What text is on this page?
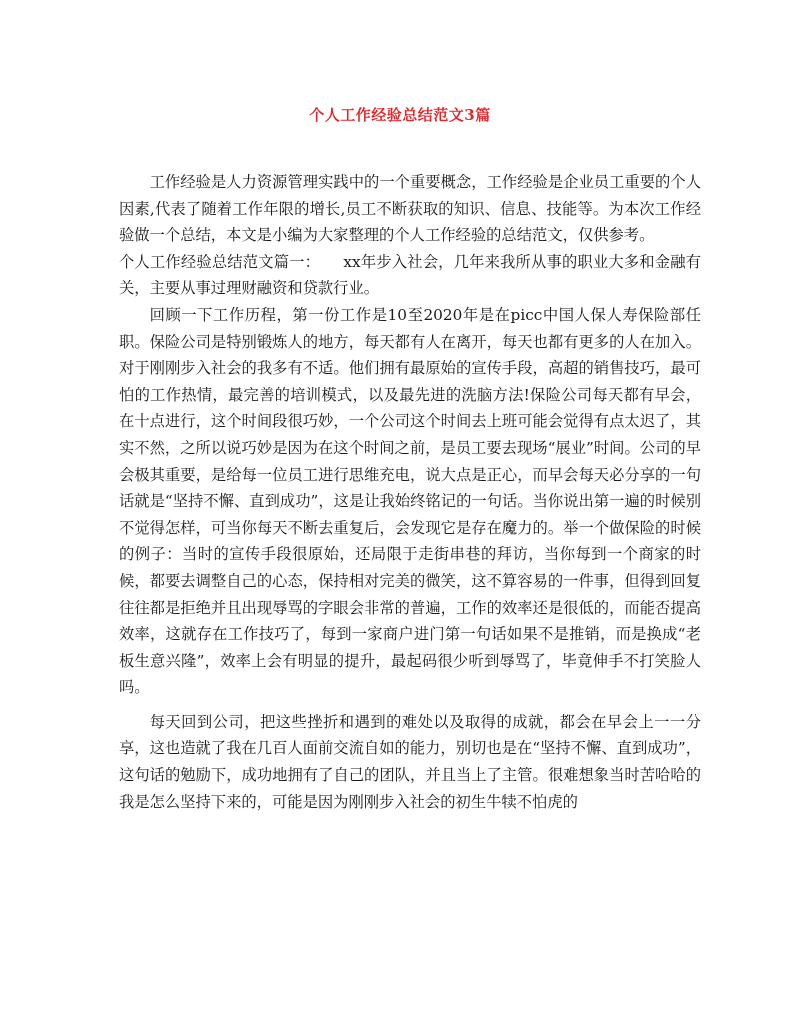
个人工作经验总结范文3篇

工作经验是人力资源管理实践中的一个重要概念，工作经验是企业员工重要的个人因素,代表了随着工作年限的增长,员工不断获取的知识、信息、技能等。为本次工作经验做一个总结，本文是小编为大家整理的个人工作经验的总结范文，仅供参考。

个人工作经验总结范文篇一：　　xx年步入社会，几年来我所从事的职业大多和金融有关，主要从事过理财融资和贷款行业。

回顾一下工作历程，第一份工作是10至2020年是在picc中国人保人寿保险部任职。保险公司是特别锻炼人的地方，每天都有人在离开，每天也都有更多的人在加入。对于刚刚步入社会的我多有不适。他们拥有最原始的宣传手段，高超的销售技巧，最可怕的工作热情，最完善的培训模式，以及最先进的洗脑方法!保险公司每天都有早会，在十点进行，这个时间段很巧妙，一个公司这个时间去上班可能会觉得有点太迟了，其实不然，之所以说巧妙是因为在这个时间之前，是员工要去现场“展业”时间。公司的早会极其重要，是给每一位员工进行思维充电，说大点是正心，而早会每天必分享的一句话就是“坚持不懈、直到成功”，这是让我始终铭记的一句话。当你说出第一遍的时候别不觉得怎样，可当你每天不断去重复后，会发现它是存在魔力的。举一个做保险的时候的例子：当时的宣传手段很原始，还局限于走街串巷的拜访，当你每到一个商家的时候，都要去调整自己的心态，保持相对完美的微笑，这不算容易的一件事，但得到回复往往都是拒绝并且出现辱骂的字眼会非常的普遍，工作的效率还是很低的，而能否提高效率，这就存在工作技巧了，每到一家商户进门第一句话如果不是推销，而是换成“老板生意兴隆”，效率上会有明显的提升，最起码很少听到辱骂了，毕竟伸手不打笑脸人吗。

每天回到公司，把这些挫折和遇到的难处以及取得的成就，都会在早会上一一分享，这也造就了我在几百人面前交流自如的能力，别切也是在“坚持不懈、直到成功”，这句话的勉励下，成功地拥有了自己的团队，并且当上了主管。很难想象当时苦哈哈的我是怎么坚持下来的，可能是因为刚刚步入社会的初生牛犊不怕虎的
